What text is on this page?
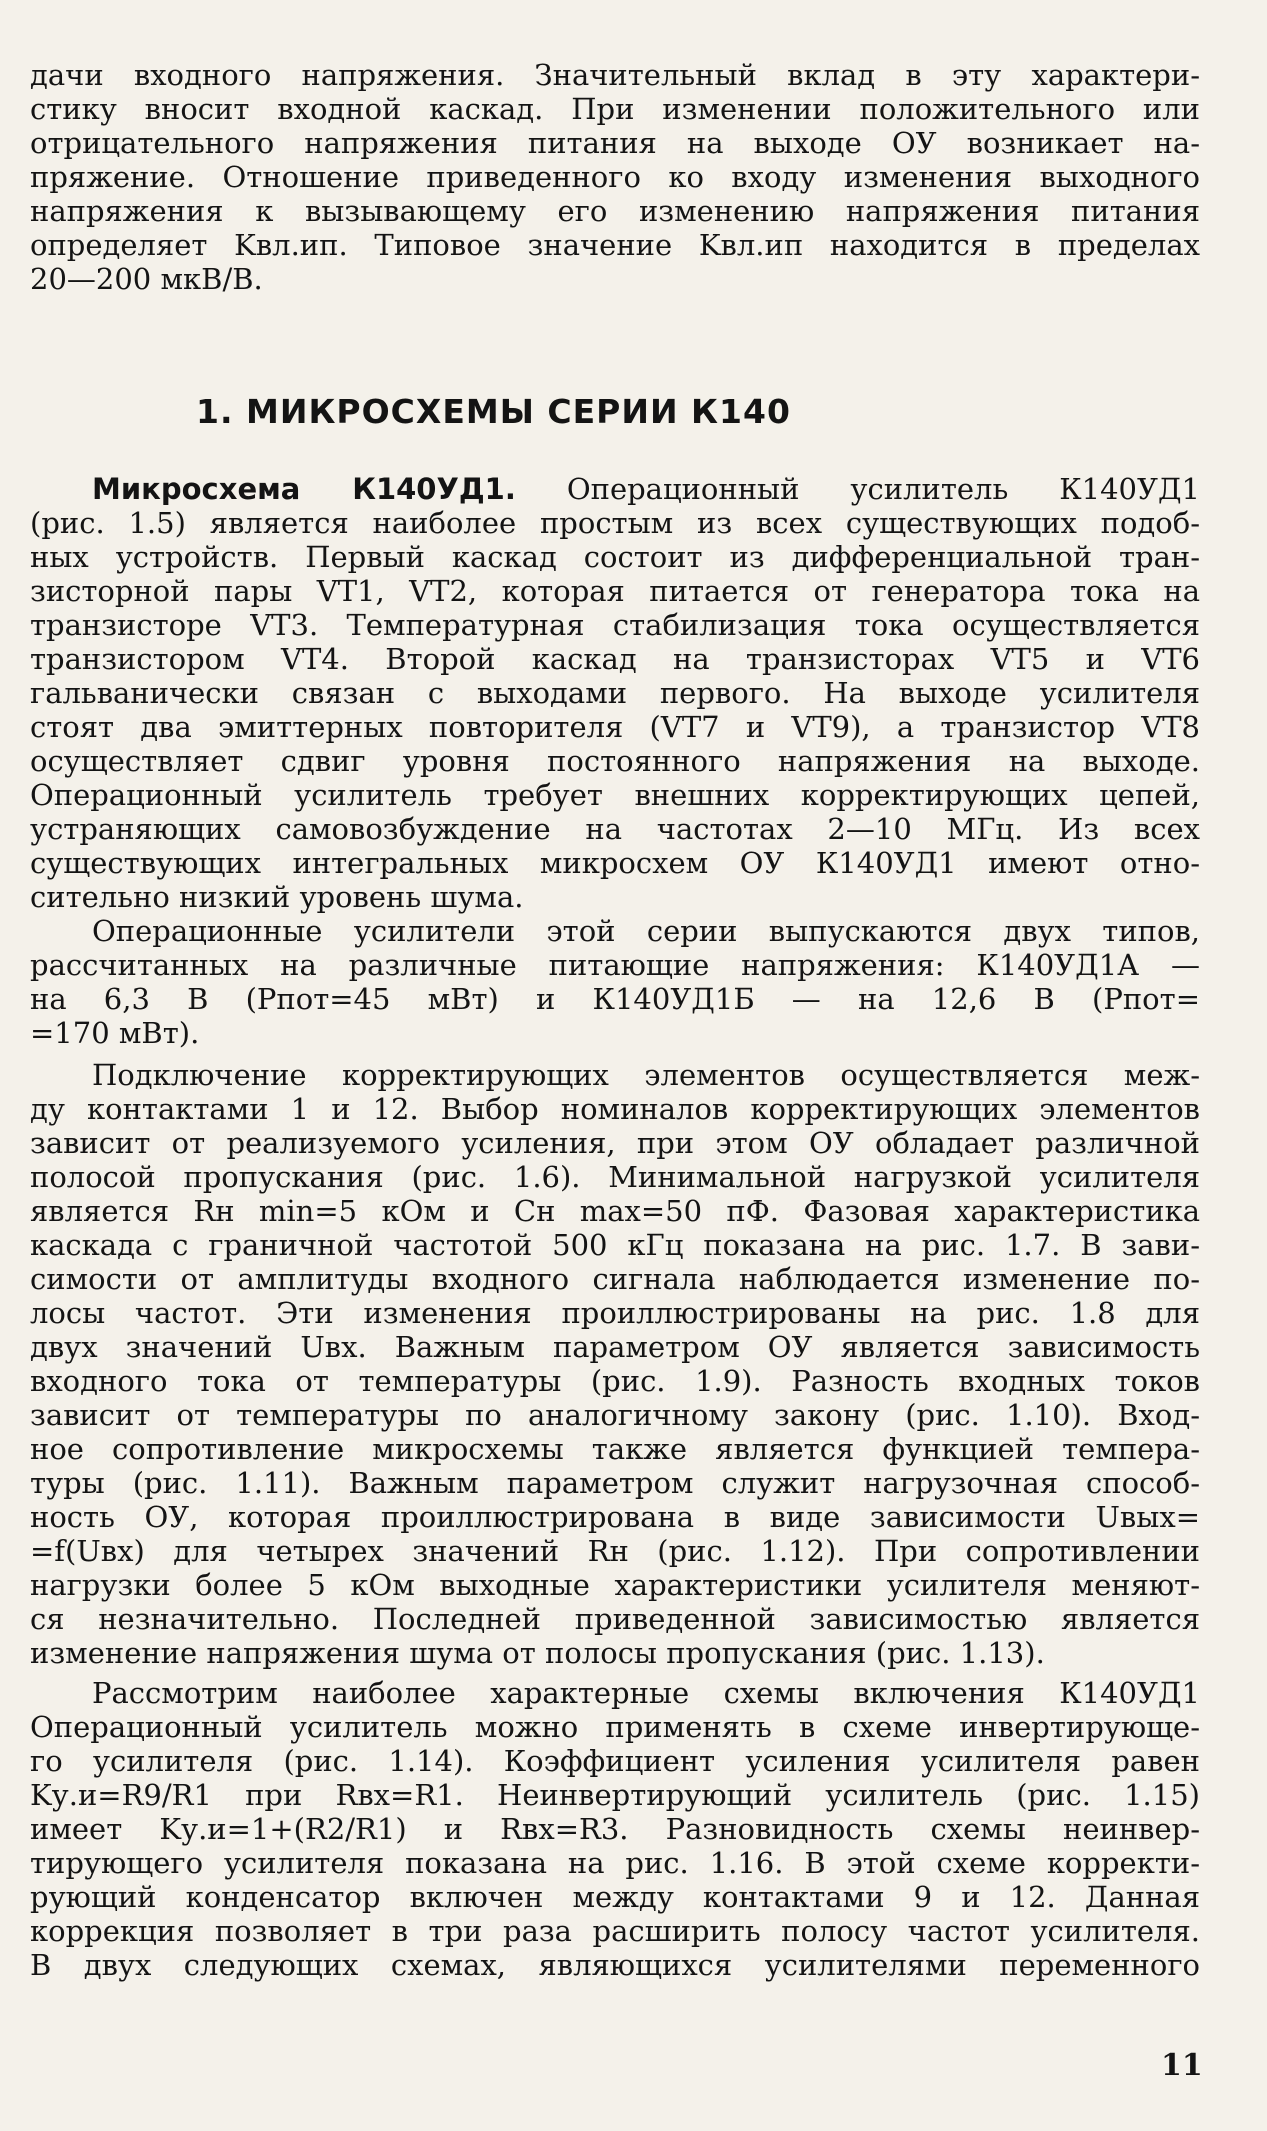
дачи входного напряжения. Значительный вклад в эту характери-
стику вносит входной каскад. При изменении положительного или
отрицательного напряжения питания на выходе ОУ возникает на-
пряжение. Отношение приведенного ко входу изменения выходного
напряжения к вызывающему его изменению напряжения питания
определяет Kвл.ип. Типовое значение Kвл.ип находится в пределах
20—200 мкВ/В.
1. МИКРОСХЕМЫ СЕРИИ К140
Микросхема К140УД1. Операционный усилитель К140УД1
(рис. 1.5) является наиболее простым из всех существующих подоб-
ных устройств. Первый каскад состоит из дифференциальной тран-
зисторной пары VT1, VT2, которая питается от генератора тока на
транзисторе VT3. Температурная стабилизация тока осуществляется
транзистором VT4. Второй каскад на транзисторах VT5 и VT6
гальванически связан с выходами первого. На выходе усилителя
стоят два эмиттерных повторителя (VT7 и VT9), а транзистор VT8
осуществляет сдвиг уровня постоянного напряжения на выходе.
Операционный усилитель требует внешних корректирующих цепей,
устраняющих самовозбуждение на частотах 2—10 МГц. Из всех
существующих интегральных микросхем ОУ К140УД1 имеют отно-
сительно низкий уровень шума.
Операционные усилители этой серии выпускаются двух типов,
рассчитанных на различные питающие напряжения: К140УД1А —
на 6,3 В (Pпот=45 мВт) и К140УД1Б — на 12,6 В (Pпот=
=170 мВт).
Подключение корректирующих элементов осуществляется меж-
ду контактами 1 и 12. Выбор номиналов корректирующих элементов
зависит от реализуемого усиления, при этом ОУ обладает различной
полосой пропускания (рис. 1.6). Минимальной нагрузкой усилителя
является Rн min=5 кОм и Cн max=50 пФ. Фазовая характеристика
каскада с граничной частотой 500 кГц показана на рис. 1.7. В зави-
симости от амплитуды входного сигнала наблюдается изменение по-
лосы частот. Эти изменения проиллюстрированы на рис. 1.8 для
двух значений Uвх. Важным параметром ОУ является зависимость
входного тока от температуры (рис. 1.9). Разность входных токов
зависит от температуры по аналогичному закону (рис. 1.10). Вход-
ное сопротивление микросхемы также является функцией темпера-
туры (рис. 1.11). Важным параметром служит нагрузочная способ-
ность ОУ, которая проиллюстрирована в виде зависимости Uвых=
=f(Uвх) для четырех значений Rн (рис. 1.12). При сопротивлении
нагрузки более 5 кОм выходные характеристики усилителя меняют-
ся незначительно. Последней приведенной зависимостью является
изменение напряжения шума от полосы пропускания (рис. 1.13).
Рассмотрим наиболее характерные схемы включения К140УД1
Операционный усилитель можно применять в схеме инвертирующе-
го усилителя (рис. 1.14). Коэффициент усиления усилителя равен
Kу.и=R9/R1 при Rвх=R1. Неинвертирующий усилитель (рис. 1.15)
имеет Kу.и=1+(R2/R1) и Rвх=R3. Разновидность схемы неинвер-
тирующего усилителя показана на рис. 1.16. В этой схеме корректи-
рующий конденсатор включен между контактами 9 и 12. Данная
коррекция позволяет в три раза расширить полосу частот усилителя.
В двух следующих схемах, являющихся усилителями переменного
11
